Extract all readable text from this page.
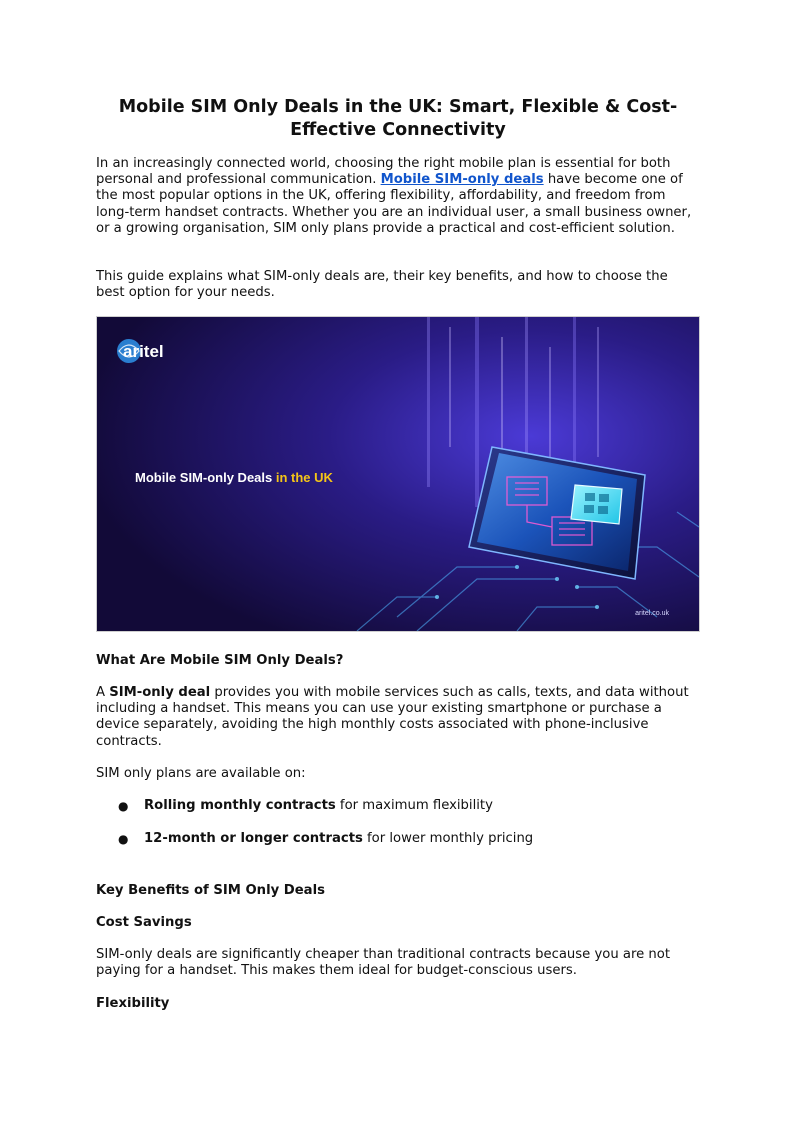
Mobile SIM Only Deals in the UK: Smart, Flexible & Cost-Effective Connectivity

In an increasingly connected world, choosing the right mobile plan is essential for both personal and professional communication. Mobile SIM-only deals have become one of the most popular options in the UK, offering flexibility, affordability, and freedom from long-term handset contracts. Whether you are an individual user, a small business owner, or a growing organisation, SIM only plans provide a practical and cost-efficient solution.

This guide explains what SIM-only deals are, their key benefits, and how to choose the best option for your needs.

aritel
Mobile SIM-only Deals in the UK
aritel.co.uk

What Are Mobile SIM Only Deals?

A SIM-only deal provides you with mobile services such as calls, texts, and data without including a handset. This means you can use your existing smartphone or purchase a device separately, avoiding the high monthly costs associated with phone-inclusive contracts.

SIM only plans are available on:

● Rolling monthly contracts for maximum flexibility
● 12-month or longer contracts for lower monthly pricing

Key Benefits of SIM Only Deals

Cost Savings

SIM-only deals are significantly cheaper than traditional contracts because you are not paying for a handset. This makes them ideal for budget-conscious users.

Flexibility
